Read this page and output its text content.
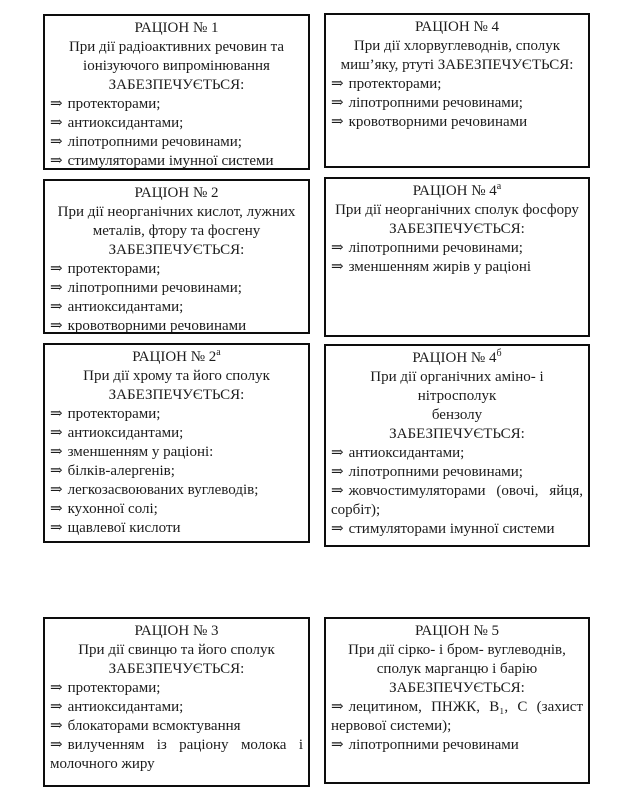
РАЦІОН № 1
При дії радіоактивних речовин та
іонізуючого випромінювання
ЗАБЕЗПЕЧУЄТЬСЯ:
⇒ протекторами;
⇒ антиоксидантами;
⇒ ліпотропними речовинами;
⇒ стимуляторами імунної системи
РАЦІОН № 4
При дії хлорвуглеводнів, сполук
миш’яку, ртуті ЗАБЕЗПЕЧУЄТЬСЯ:
⇒ протекторами;
⇒ ліпотропними речовинами;
⇒ кровотворними речовинами
РАЦІОН № 2
При дії неорганічних кислот, лужних
металів, фтору та фосгену
ЗАБЕЗПЕЧУЄТЬСЯ:
⇒ протекторами;
⇒ ліпотропними речовинами;
⇒ антиоксидантами;
⇒ кровотворними речовинами
РАЦІОН № $4^а$
При дії неорганічних сполук фосфору
ЗАБЕЗПЕЧУЄТЬСЯ:
⇒ ліпотропними речовинами;
⇒ зменшенням жирів у раціоні
РАЦІОН № $2^а$
При дії хрому та його сполук
ЗАБЕЗПЕЧУЄТЬСЯ:
⇒ протекторами;
⇒ антиоксидантами;
⇒ зменшенням у раціоні:
⇒ білків-алергенів;
⇒ легкозасвоюваних вуглеводів;
⇒ кухонної солі;
⇒ щавлевої кислоти
РАЦІОН № $4^б$
При дії органічних аміно- і нітросполук
бензолу
ЗАБЕЗПЕЧУЄТЬСЯ:
⇒ антиоксидантами;
⇒ ліпотропними речовинами;
⇒ жовчостимуляторами (овочі, яйця, сорбіт);
⇒ стимуляторами імунної системи
РАЦІОН № 3
При дії свинцю та його сполук
ЗАБЕЗПЕЧУЄТЬСЯ:
⇒ протекторами;
⇒ антиоксидантами;
⇒ блокаторами всмоктування
⇒ вилученням із раціону молока і молочного жиру
РАЦІОН № 5
При дії сірко- і бром- вуглеводнів,
сполук марганцю і барію
ЗАБЕЗПЕЧУЄТЬСЯ:
⇒ лецитином, ПНЖК, В₁, С (захист нервової системи);
⇒ ліпотропними речовинами
